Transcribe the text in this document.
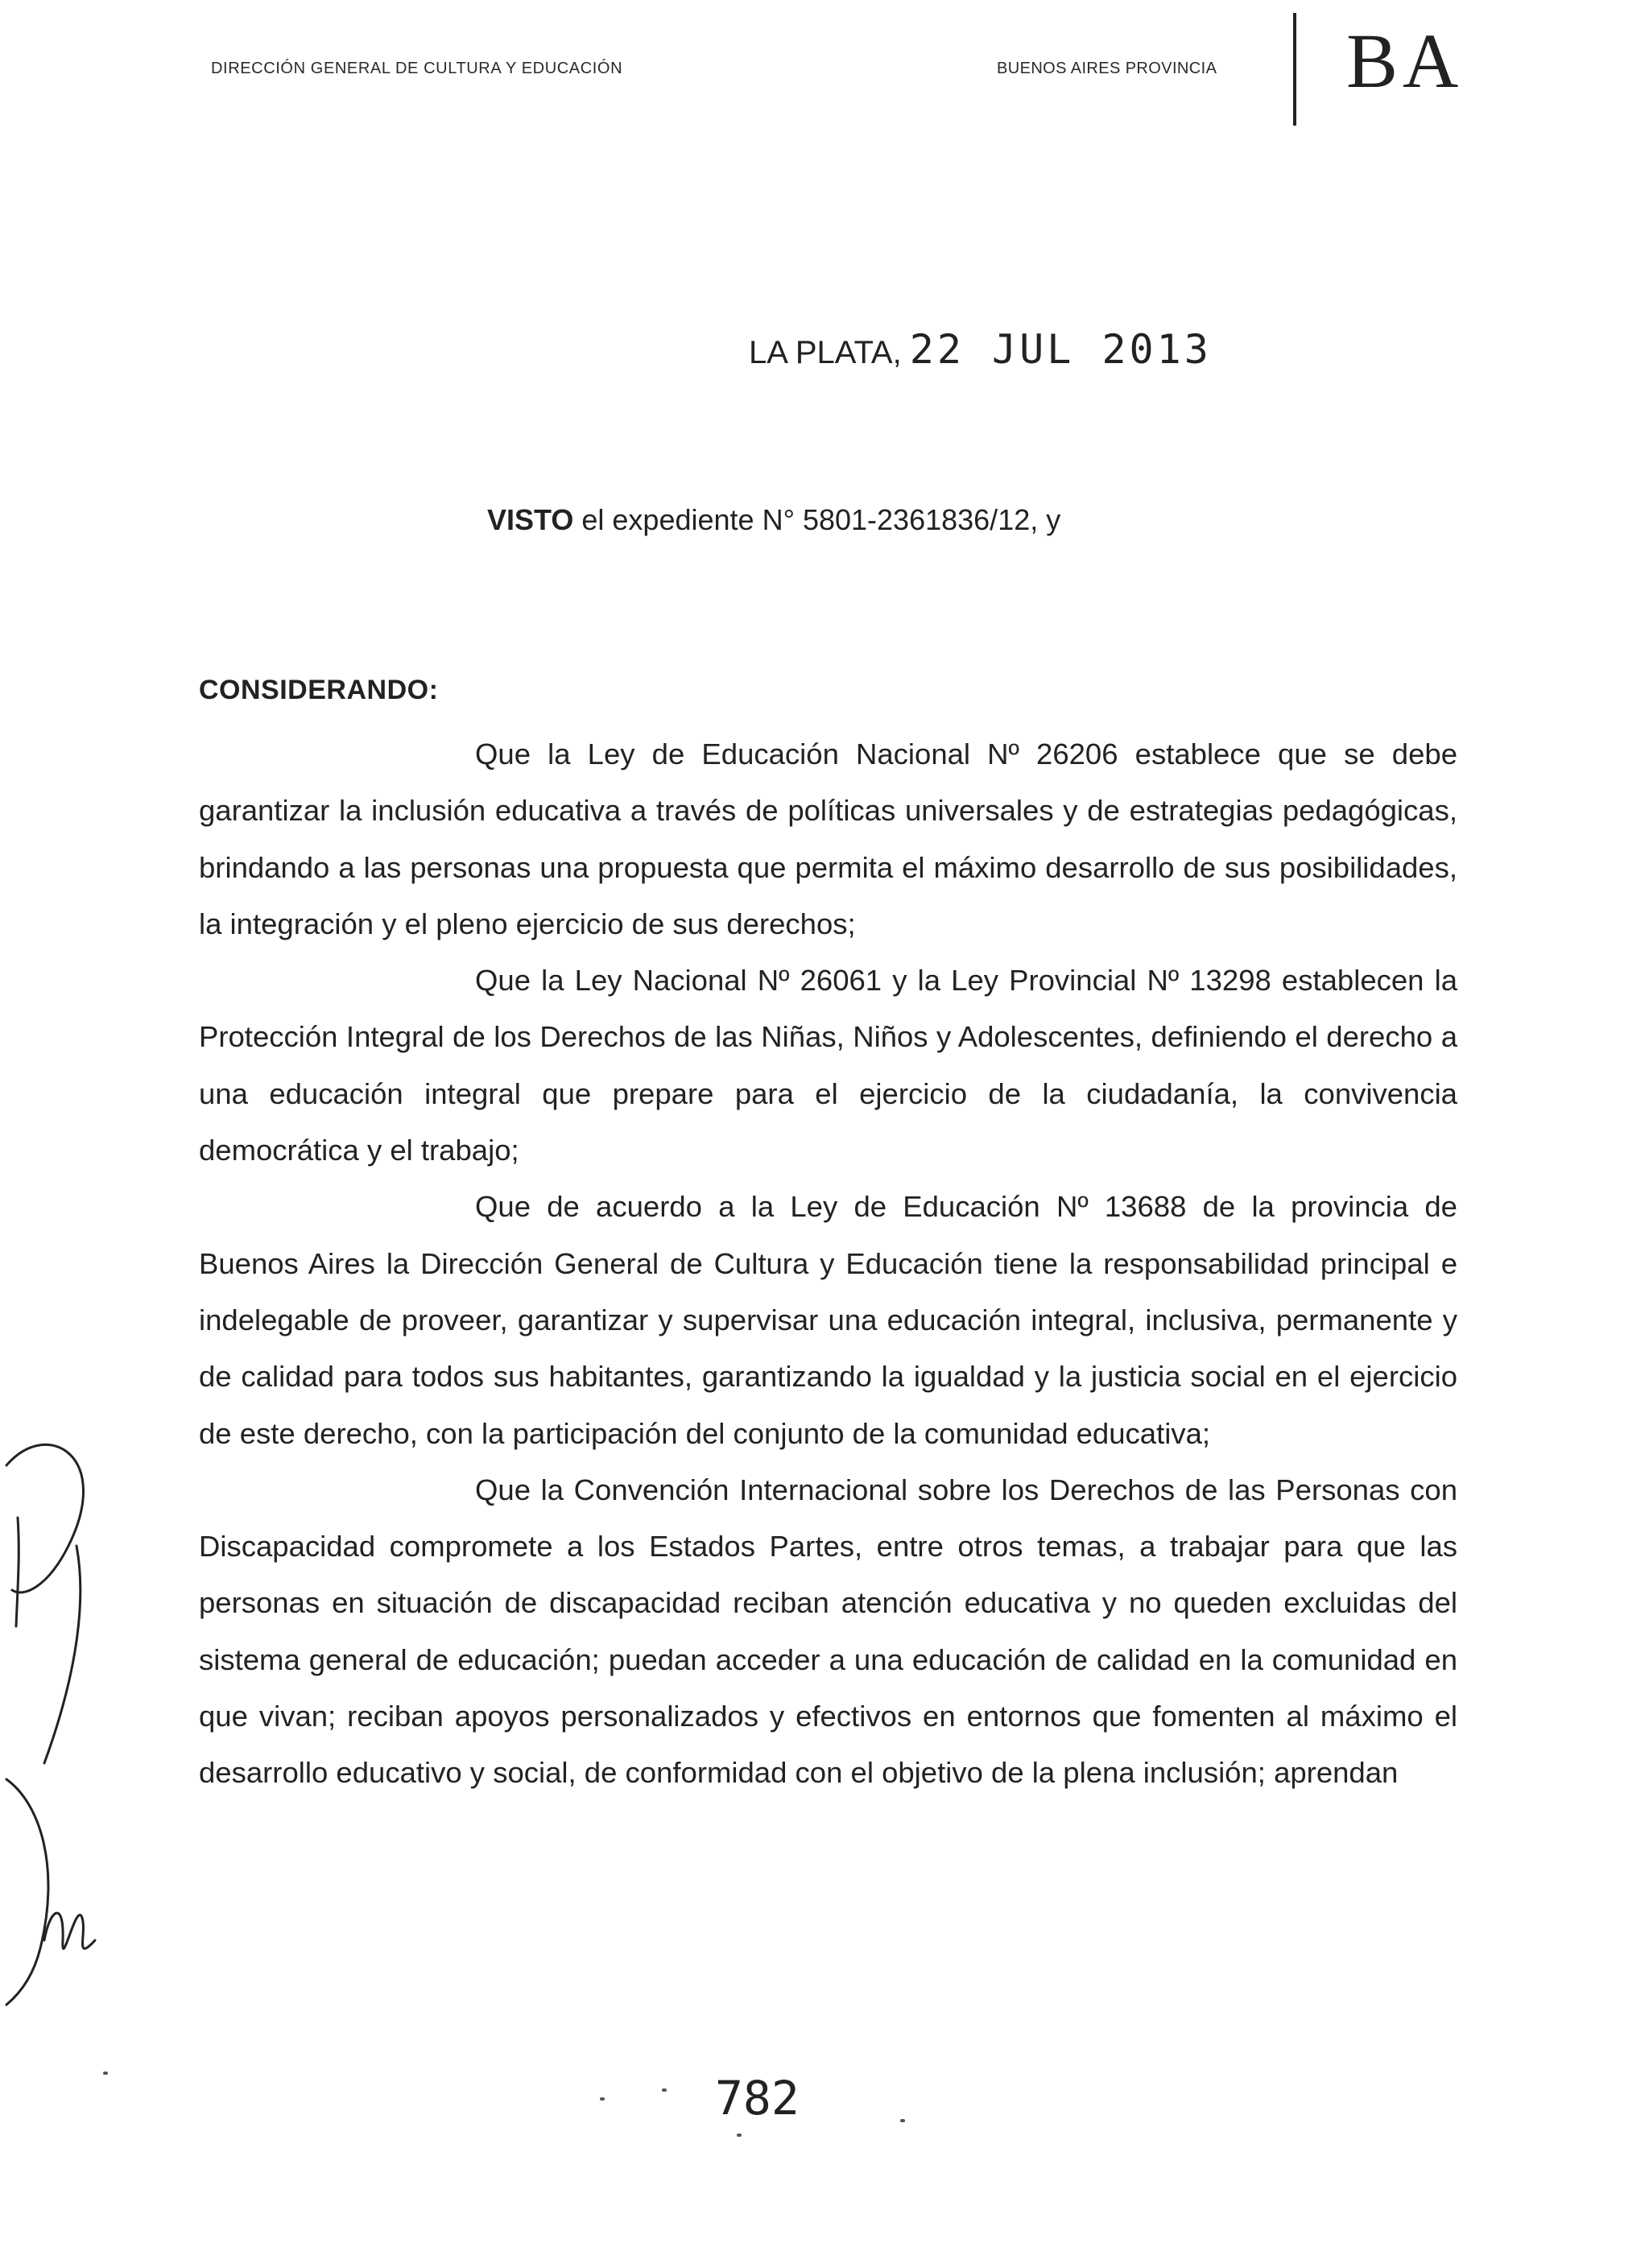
DIRECCIÓN GENERAL DE CULTURA Y EDUCACIÓN	BUENOS AIRES PROVINCIA BA
LA PLATA, 22 JUL 2013
VISTO el expediente N° 5801-2361836/12, y
CONSIDERANDO:

Que la Ley de Educación Nacional Nº 26206 establece que se debe garantizar la inclusión educativa a través de políticas universales y de estrategias pedagógicas, brindando a las personas una propuesta que permita el máximo desarrollo de sus posibilidades, la integración y el pleno ejercicio de sus derechos;

Que la Ley Nacional Nº 26061 y la Ley Provincial Nº 13298 establecen la Protección Integral de los Derechos de las Niñas, Niños y Adolescentes, definiendo el derecho a una educación integral que prepare para el ejercicio de la ciudadanía, la convivencia democrática y el trabajo;

Que de acuerdo a la Ley de Educación Nº 13688 de la provincia de Buenos Aires la Dirección General de Cultura y Educación tiene la responsabilidad principal e indelegable de proveer, garantizar y supervisar una educación integral, inclusiva, permanente y de calidad para todos sus habitantes, garantizando la igualdad y la justicia social en el ejercicio de este derecho, con la participación del conjunto de la comunidad educativa;

Que la Convención Internacional sobre los Derechos de las Personas con Discapacidad compromete a los Estados Partes, entre otros temas, a trabajar para que las personas en situación de discapacidad reciban atención educativa y no queden excluidas del sistema general de educación; puedan acceder a una educación de calidad en la comunidad en que vivan; reciban apoyos personalizados y efectivos en entornos que fomenten al máximo el desarrollo educativo y social, de conformidad con el objetivo de la plena inclusión; aprendan

782
